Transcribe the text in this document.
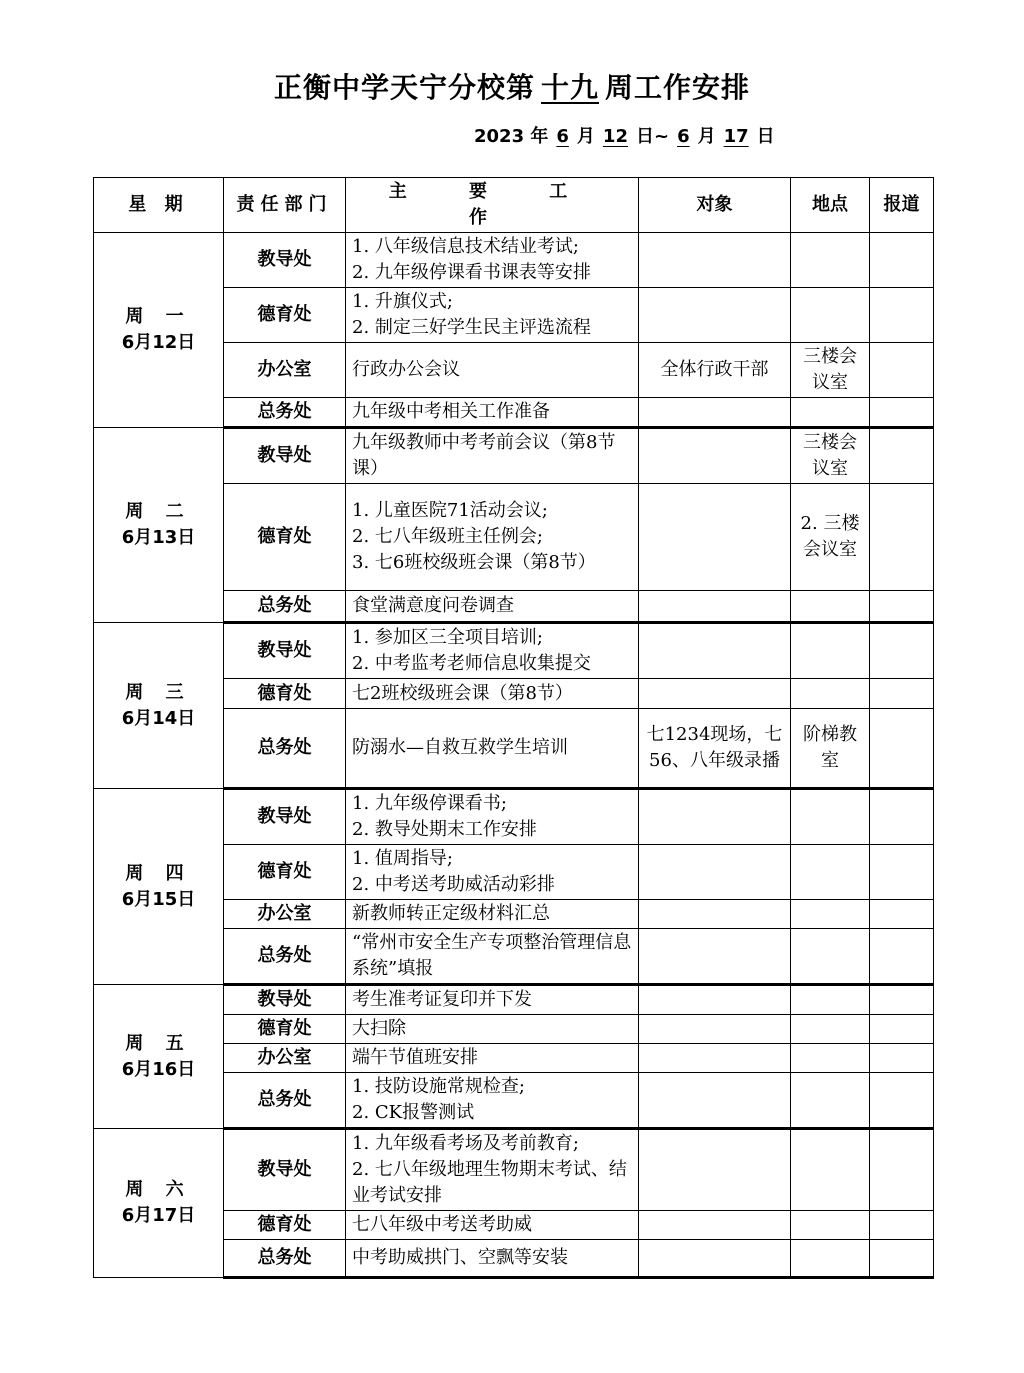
正衡中学天宁分校第 十九 周工作安排
2023 年 6 月 12 日~ 6 月 17 日
星 期	责任部门	主 要 工 作	对象	地点	报道

周 一
6月12日	教导处	1. 八年级信息技术结业考试;
2. 九年级停课看书课表等安排			

	德育处	1. 升旗仪式;
2. 制定三好学生民主评选流程			

	办公室	行政办公会议	全体行政干部	三楼会议室	
	总务处	九年级中考相关工作准备			

周 二
6月13日	教导处	九年级教师中考考前会议（第8节课）		三楼会议室	
	德育处	1. 儿童医院71活动会议;
2. 七八年级班主任例会;
3. 七6班校级班会课（第8节）		2. 三楼会议室	
	总务处	食堂满意度问卷调查			

周 三
6月14日	教导处	1. 参加区三全项目培训;
2. 中考监考老师信息收集提交			

	德育处	七2班校级班会课（第8节）			

	总务处	防溺水—自救互救学生培训	七1234现场，七56、八年级录播	阶梯教室	

周 四
6月15日	教导处	1. 九年级停课看书;
2. 教导处期末工作安排			

	德育处	1. 值周指导;
2. 中考送考助威活动彩排			

	办公室	新教师转正定级材料汇总			

	总务处	“常州市安全生产专项整治管理信息系统”填报			

周 五
6月16日	教导处	考生准考证复印并下发			

	德育处	大扫除			

	办公室	端午节值班安排			

	总务处	1. 技防设施常规检查;
2. CK报警测试			

周 六
6月17日	教导处	1. 九年级看考场及考前教育;
2. 七八年级地理生物期末考试、结业考试安排			

	德育处	七八年级中考送考助威			

	总务处	中考助威拱门、空飘等安装			
